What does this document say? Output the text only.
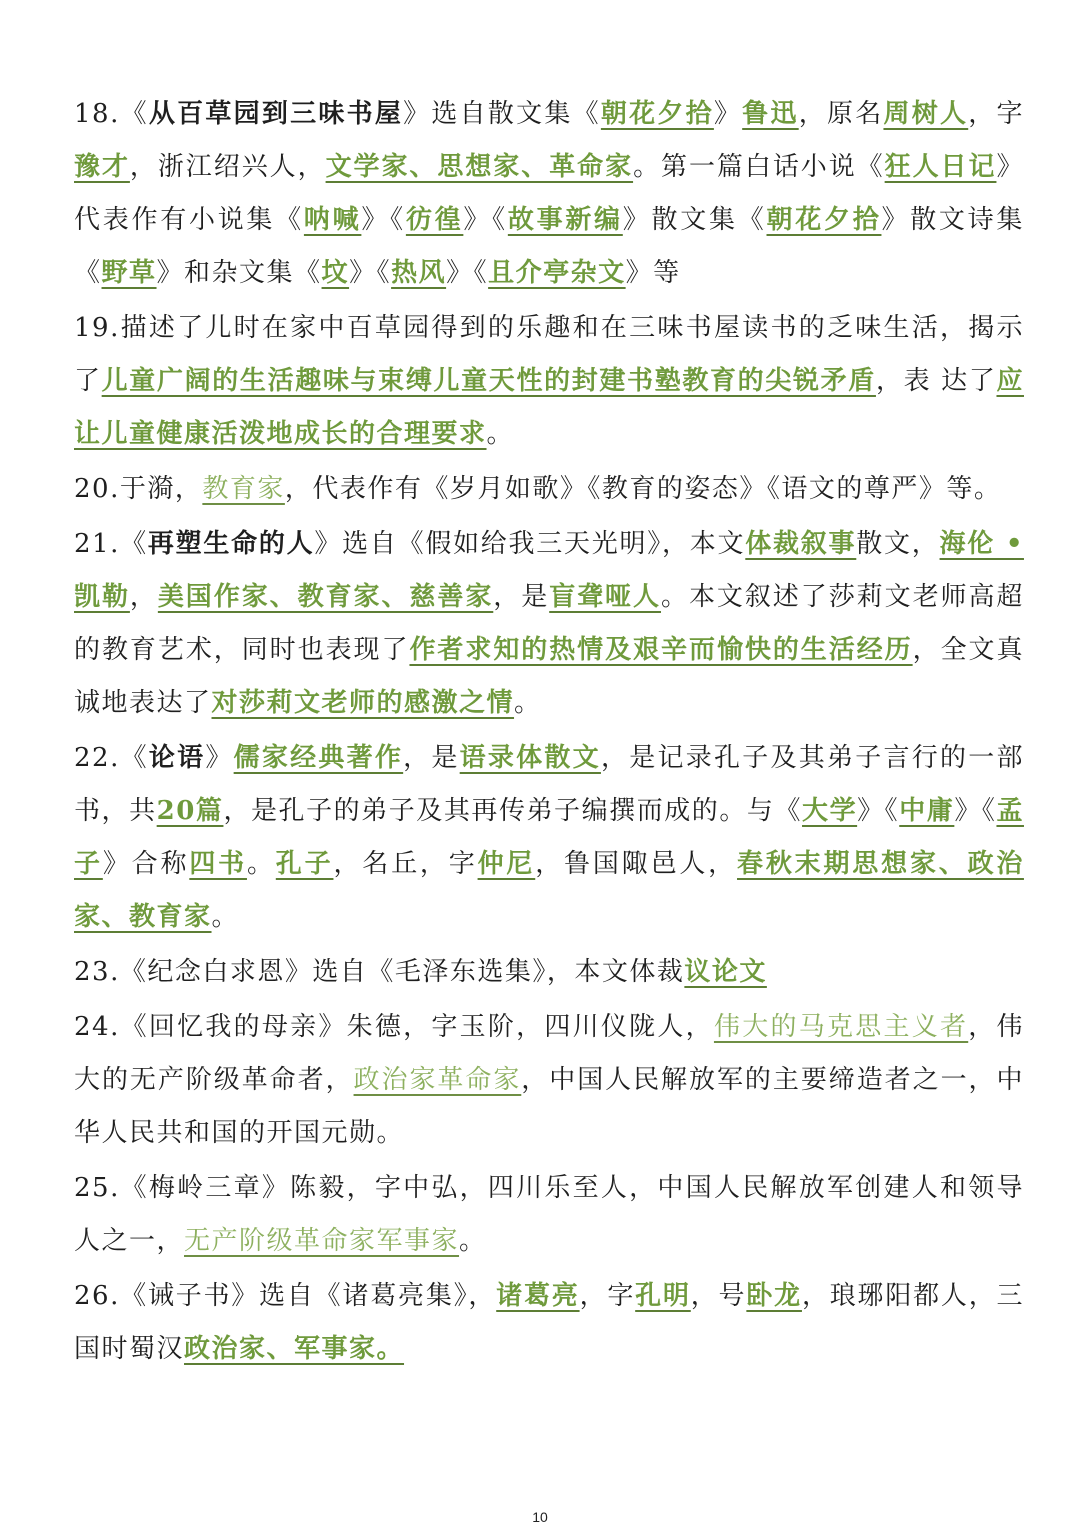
18.《从百草园到三味书屋》选自散文集《朝花夕拾》鲁迅，原名周树人，字豫才，浙江绍兴人，文学家、思想家、革命家。第一篇白话小说《狂人日记》代表作有小说集《呐喊》《彷徨》《故事新编》散文集《朝花夕拾》散文诗集《野草》和杂文集《坟》《热风》《且介亭杂文》等

19.描述了儿时在家中百草园得到的乐趣和在三味书屋读书的乏味生活，揭示了儿童广阔的生活趣味与束缚儿童天性的封建书塾教育的尖锐矛盾，表 达了应让儿童健康活泼地成长的合理要求。

20.于漪，教育家，代表作有《岁月如歌》《教育的姿态》《语文的尊严》等。

21.《再塑生命的人》选自《假如给我三天光明》，本文体裁叙事散文，海伦 • 凯勒，美国作家、教育家、慈善家，是盲聋哑人。本文叙述了莎莉文老师高超的教育艺术，同时也表现了作者求知的热情及艰辛而愉快的生活经历，全文真诚地表达了对莎莉文老师的感激之情。

22.《论语》儒家经典著作，是语录体散文，是记录孔子及其弟子言行的一部书，共20篇，是孔子的弟子及其再传弟子编撰而成的。与《大学》《中庸》《孟子》合称四书。孔子，名丘，字仲尼，鲁国陬邑人，春秋末期思想家、政治家、教育家。

23.《纪念白求恩》选自《毛泽东选集》，本文体裁议论文

24.《回忆我的母亲》朱德，字玉阶，四川仪陇人，伟大的马克思主义者，伟大的无产阶级革命者，政治家革命家，中国人民解放军的主要缔造者之一，中华人民共和国的开国元勋。

25.《梅岭三章》陈毅，字中弘，四川乐至人，中国人民解放军创建人和领导人之一，无产阶级革命家军事家。

26.《诫子书》选自《诸葛亮集》，诸葛亮，字孔明，号卧龙，琅琊阳都人，三国时蜀汉政治家、军事家。

10
